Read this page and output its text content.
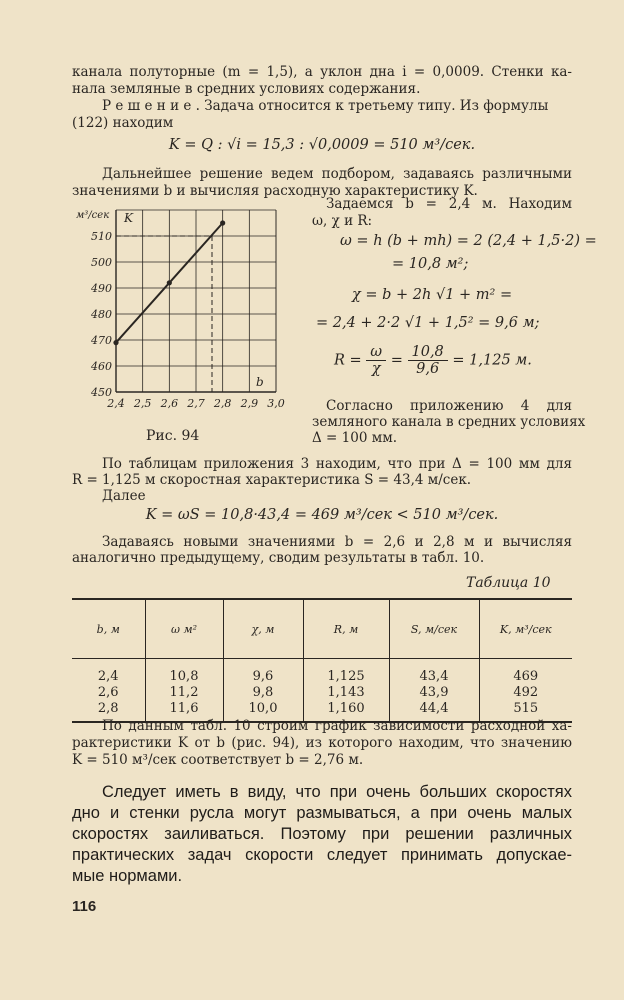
канала полуторные (m = 1,5), а уклон дна i = 0,0009. Стенки ка-

нала земляные в средних условиях содержания.

Р е ш е н и е . Задача относится к третьему типу. Из формулы

(122) находим

K = Q : √i = 15,3 : √0,0009 = 510 м³/сек.

Дальнейшее решение ведем подбором, задаваясь различными

значениями b и вычисляя расходную характеристику K.

Задаемся b = 2,4 м. Находим

ω, χ и R:

ω = h (b + mh) = 2 (2,4 + 1,5·2) =
= 10,8 м²;
χ = b + 2h √1 + m² =
= 2,4 + 2·2 √1 + 1,5² = 9,6 м;
$R = \frac{\omega}{\chi} = \frac{10,8}{9,6} = 1,125$ м.

Согласно приложению 4 для

земляного канала в средних условиях

Δ = 100 мм.

2,4 2,5 2,6 2,7 2,8 2,9 3,0
450
460
470
480
490
500
510
м³/сек K
b

Рис. 94

По таблицам приложения 3 находим, что при Δ = 100 мм для

R = 1,125 м скоростная характеристика S = 43,4 м/сек.

Далее

K = ωS = 10,8·43,4 = 469 м³/сек < 510 м³/сек.

Задаваясь новыми значениями b = 2,6 и 2,8 м и вычисляя

аналогично предыдущему, сводим результаты в табл. 10.

Таблица 10

b, м	ω м²	χ, м	R, м	S, м/сек	K, м³/сек
2,4	10,8	9,6	1,125	43,4	469
2,6	11,2	9,8	1,143	43,9	492
2,8	11,6	10,0	1,160	44,4	515

По данным табл. 10 строим график зависимости расходной ха-

рактеристики K от b (рис. 94), из которого находим, что значению

K = 510 м³/сек соответствует b = 2,76 м.

Следует иметь в виду, что при очень больших скоростях

дно и стенки русла могут размываться, а при очень малых

скоростях заиливаться. Поэтому при решении различных

практических задач скорости следует принимать допускае-

мые нормами.

116
